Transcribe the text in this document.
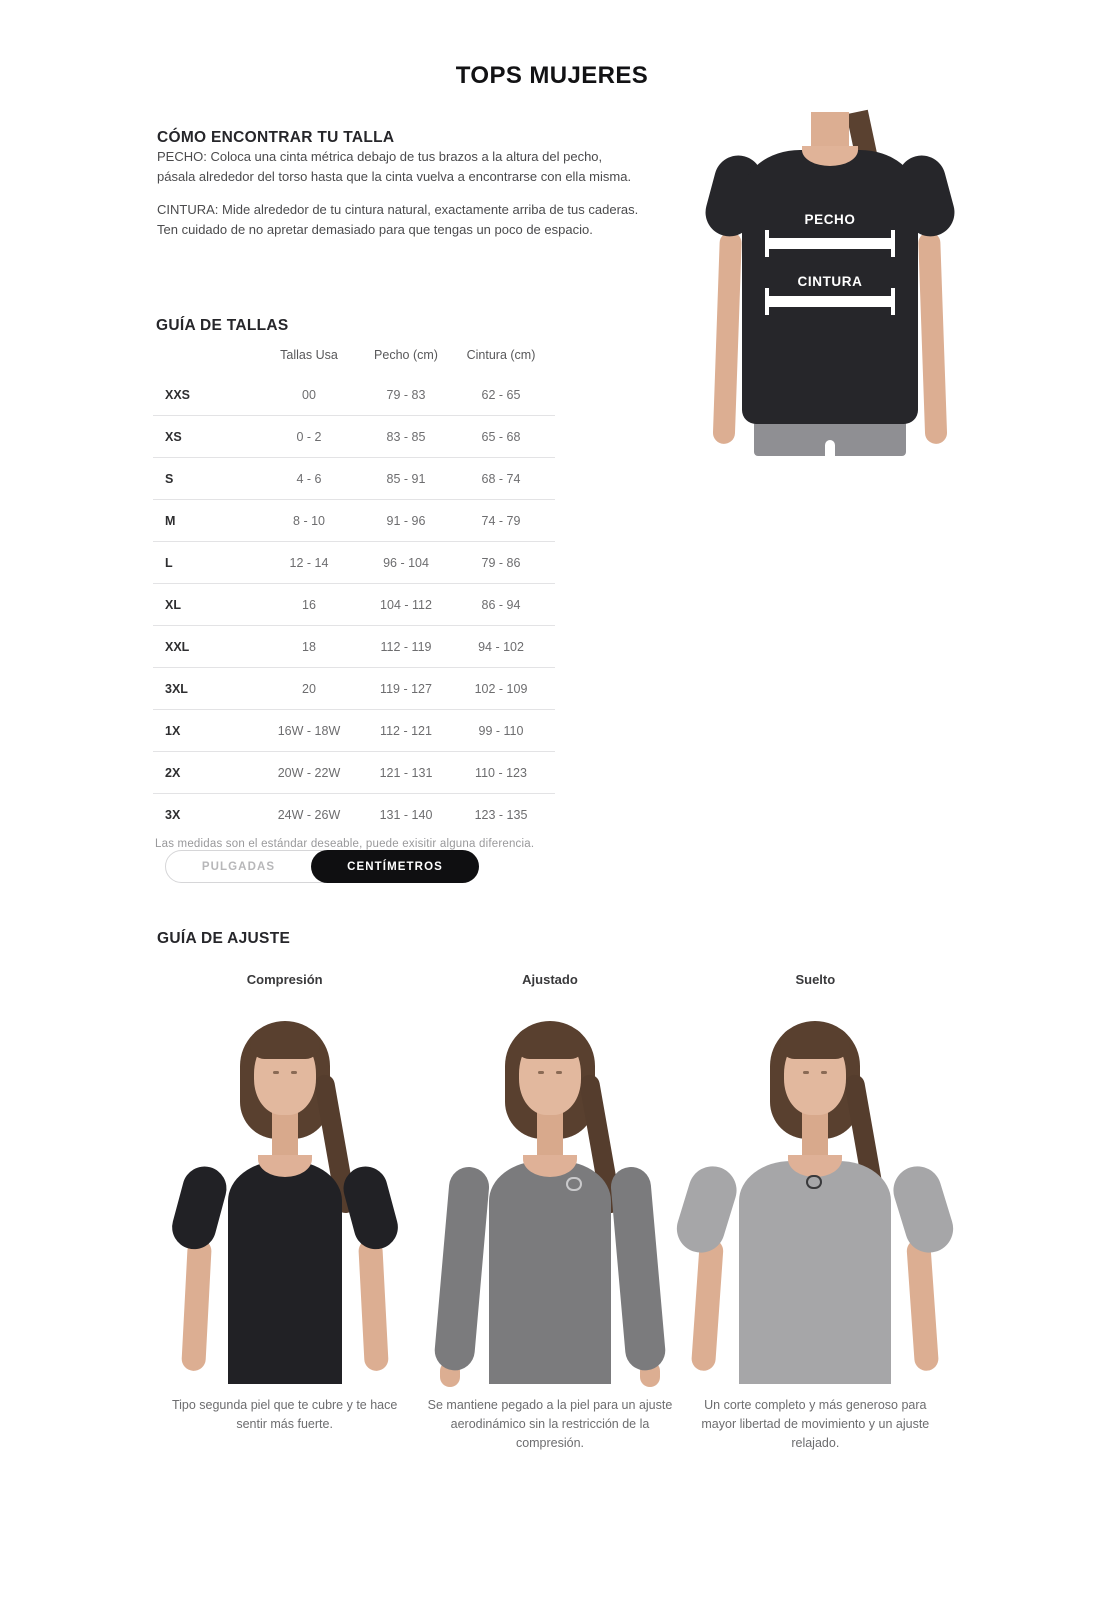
TOPS MUJERES
CÓMO ENCONTRAR TU TALLA

PECHO: Coloca una cinta métrica debajo de tus brazos a la altura del pecho, pásala alrededor del torso hasta que la cinta vuelva a encontrarse con ella misma.

CINTURA: Mide alrededor de tu cintura natural, exactamente arriba de tus caderas. Ten cuidado de no apretar demasiado para que tengas un poco de espacio.

PECHO
CINTURA
GUÍA DE TALLAS
	Tallas Usa	Pecho (cm)	Cintura (cm)
XXS	00	79 - 83	62 - 65
XS	0 - 2	83 - 85	65 - 68
S	4 - 6	85 - 91	68 - 74
M	8 - 10	91 - 96	74 - 79
L	12 - 14	96 - 104	79 - 86
XL	16	104 - 112	86 - 94
XXL	18	112 - 119	94 - 102
3XL	20	119 - 127	102 - 109
1X	16W - 18W	112 - 121	99 - 110
2X	20W - 22W	121 - 131	110 - 123
3X	24W - 26W	131 - 140	123 - 135

Las medidas son el estándar deseable, puede exisitir alguna diferencia.

PULGADAS	CENTÍMETROS
GUÍA DE AJUSTE
Compresión

Tipo segunda piel que te cubre y te hace sentir más fuerte.

Ajustado

Se mantiene pegado a la piel para un ajuste aerodinámico sin la restricción de la compresión.

Suelto

Un corte completo y más generoso para mayor libertad de movimiento y un ajuste relajado.
